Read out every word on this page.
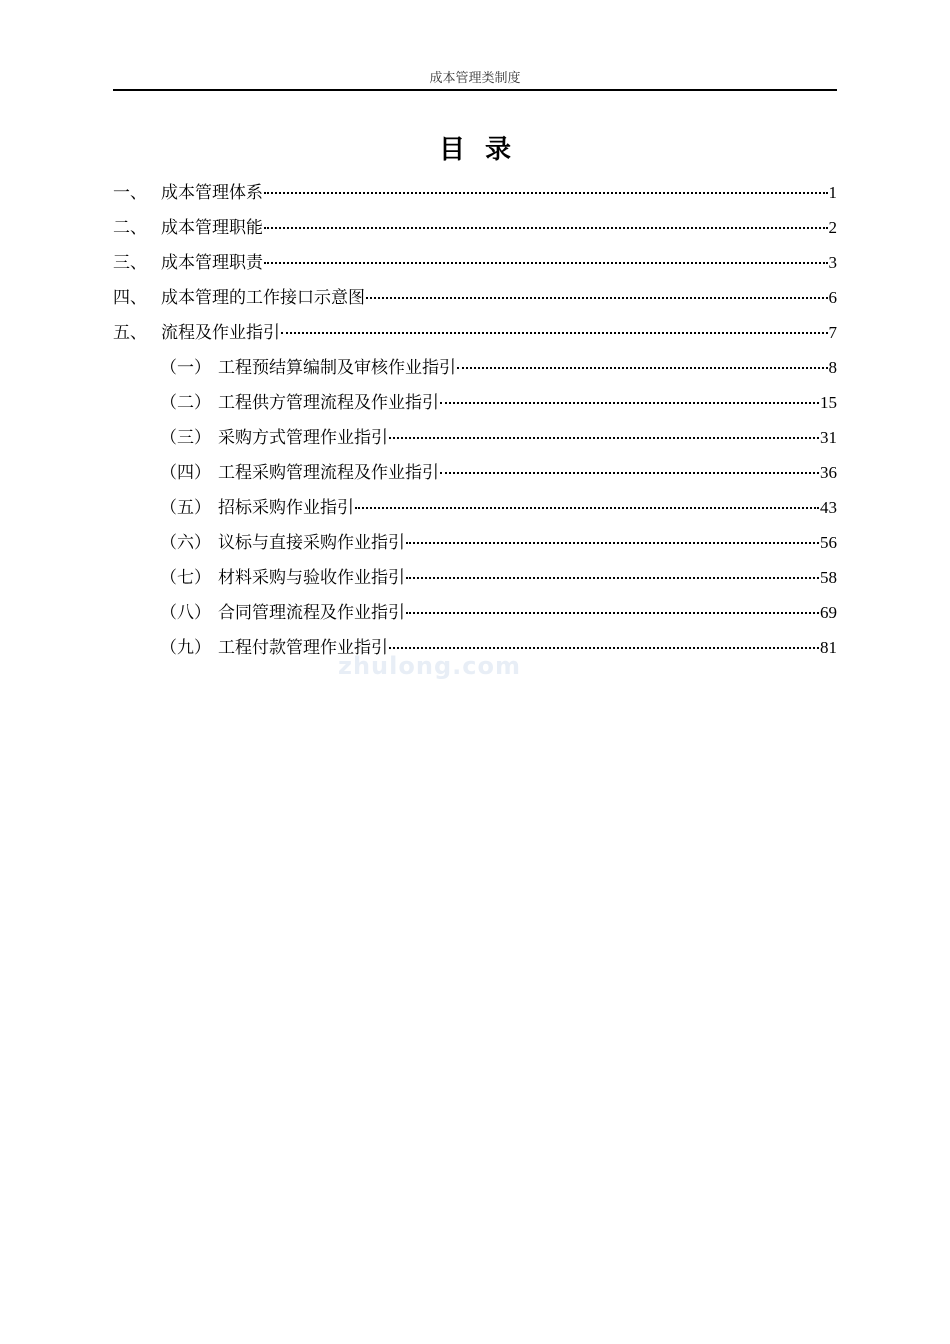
成本管理类制度
目录
一、 成本管理体系	1
二、 成本管理职能	2
三、 成本管理职责	3
四、 成本管理的工作接口示意图	6
五、 流程及作业指引	7
（一） 工程预结算编制及审核作业指引	8
（二） 工程供方管理流程及作业指引	15
（三） 采购方式管理作业指引	31
（四） 工程采购管理流程及作业指引	36
（五） 招标采购作业指引	43
（六） 议标与直接采购作业指引	56
（七） 材料采购与验收作业指引	58
（八） 合同管理流程及作业指引	69
（九） 工程付款管理作业指引	81
zhulong.com
